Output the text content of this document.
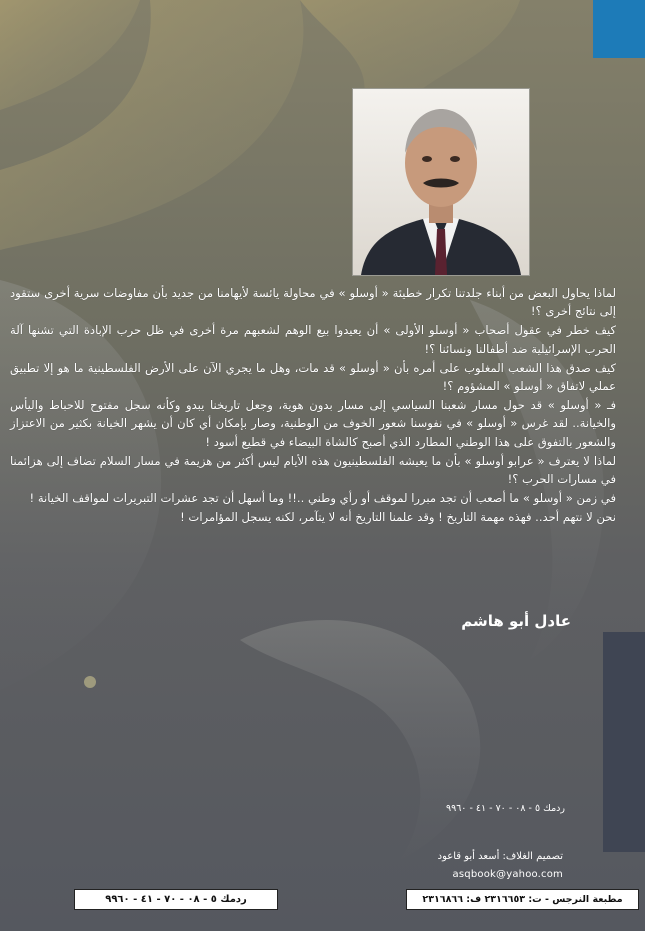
لماذا يحاول البعض من أبناء جلدتنا تكرار خطيئة « أوسلو » في محاولة يائسة لأيهامنا من جديد بأن مفاوضات سرية أخرى ستقود إلى نتائج أخرى ؟!

كيف خطر في عقول أصحاب « أوسلو الأولى » أن يعيدوا بيع الوهم لشعبهم مرة أخرى في ظل حرب الإبادة التي تشنها آلة الحرب الإسرائيلية ضد أطفالنا ونسائنا ؟!

كيف صدق هذا الشعب المغلوب على أمره بأن « أوسلو » قد مات، وهل ما يجري الآن على الأرض الفلسطينية ما هو إلا تطبيق عملي لاتفاق « أوسلو » المشؤوم ؟!

فـ « أوسلو » قد حول مسار شعبنا السياسي إلى مسار بدون هوية، وجعل تاريخنا يبدو وكأنه سجل مفتوح للاحباط واليأس والخيانة.. لقد غرس « أوسلو » في نفوسنا شعور الخوف من الوطنية، وصار بإمكان أي كان أن يشهر الخيانة بكثير من الاعتزاز والشعور بالتفوق على هذا الوطني المطارد الذي أصبح كالشاة البيضاء في قطيع أسود !

لماذا لا يعترف « عرابو أوسلو » بأن ما يعيشه الفلسطينيون هذه الأيام ليس أكثر من هزيمة في مسار السلام تضاف إلى هزائمنا في مسارات الحرب ؟!

في زمن « أوسلو » ما أصعب أن تجد مبررا لموقف أو رأي وطني ..!! وما أسهل أن تجد عشرات التبريرات لمواقف الخيانة !

نحن لا نتهم أحد.. فهذه مهمة التاريخ ! وقد علمنا التاريخ أنه لا يتآمر، لكنه يسجل المؤامرات !

عادل أبو هاشم
ردمك ٥ - ٠٨ - ٧٠ - ٤١ - ٩٩٦٠
تصميم الغلاف: أسعد أبو قاعود
asqbook@yahoo.com
ردمك ٥ - ٠٨ - ٧٠ - ٤١ - ٩٩٦٠	مطبعة النرجس - ت: ٢٣١٦٦٥٣ ف: ٢٣١٦٨٦٦
